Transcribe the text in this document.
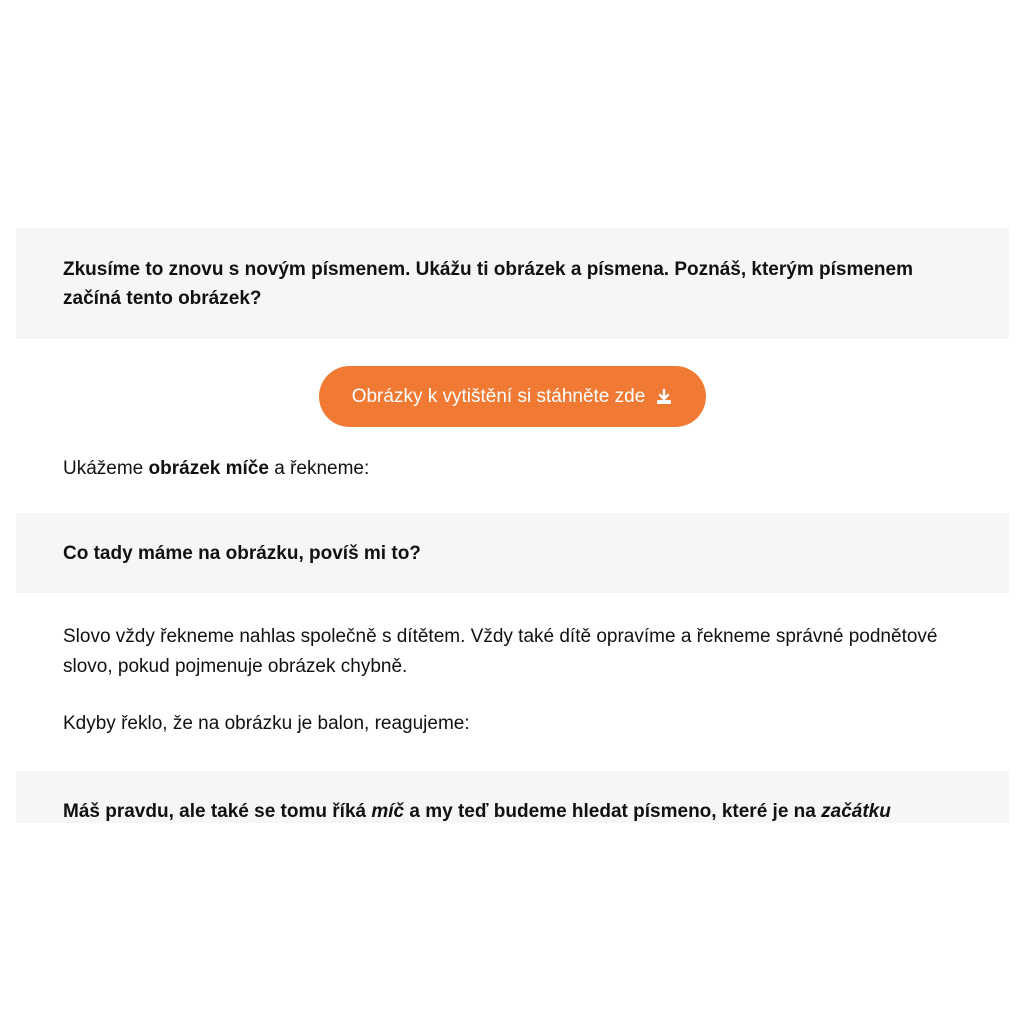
Zkusíme to znovu s novým písmenem. Ukážu ti obrázek a písmena. Poznáš, kterým písmenem začíná tento obrázek?
Obrázky k vytištění si stáhněte zde

Ukážeme obrázek míče a řekneme:

Co tady máme na obrázku, povíš mi to?

Slovo vždy řekneme nahlas společně s dítětem. Vždy také dítě opravíme a řekneme správné podnětové slovo, pokud pojmenuje obrázek chybně.

Kdyby řeklo, že na obrázku je balon, reagujeme:

Máš pravdu, ale také se tomu říká míč a my teď budeme hledat písmeno, které je na začátku
